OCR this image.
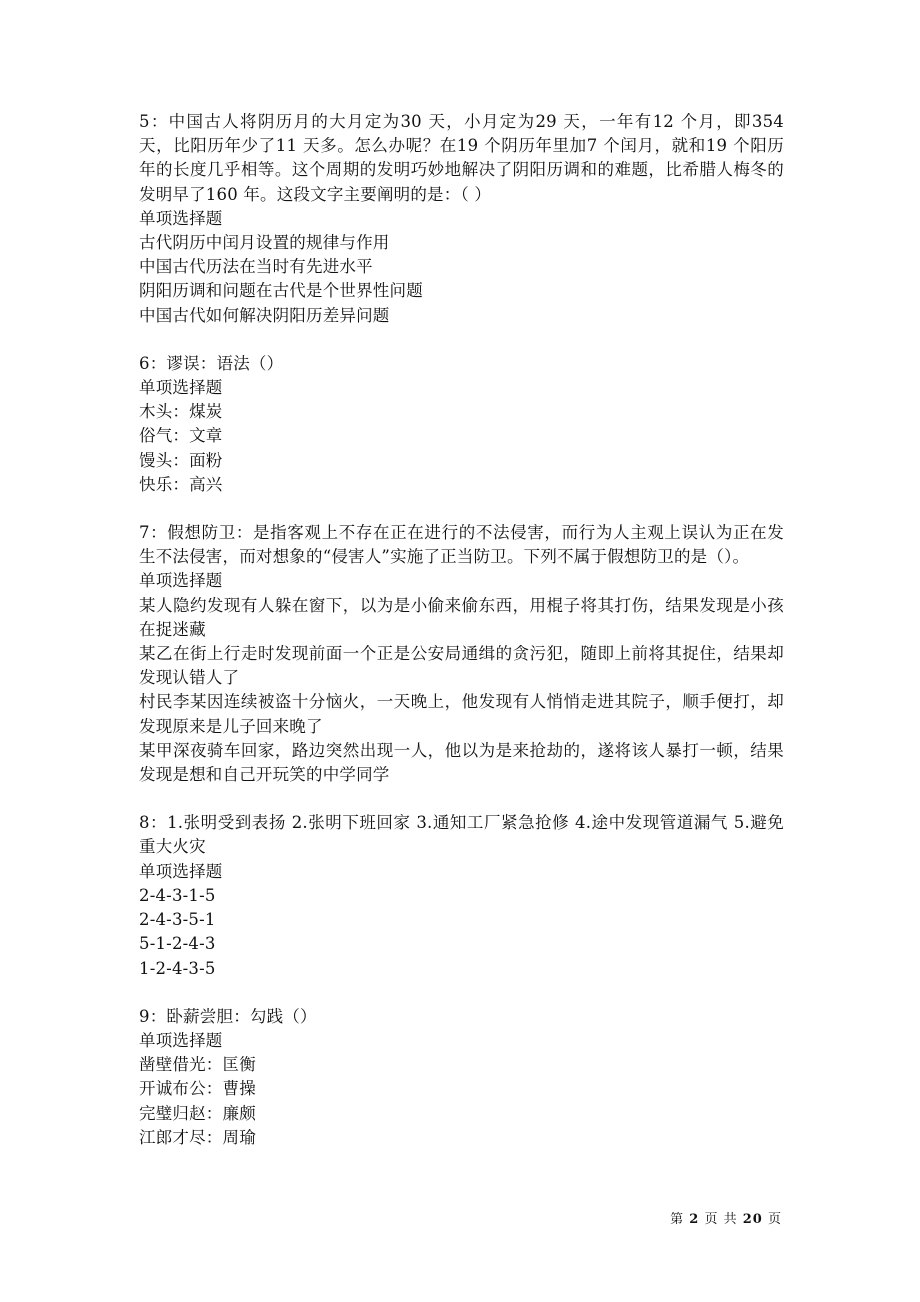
5：中国古人将阴历月的大月定为30 天，小月定为29 天，一年有12 个月，即354 天，比阳历年少了11 天多。怎么办呢？在19 个阴历年里加7 个闰月，就和19 个阳历年的长度几乎相等。这个周期的发明巧妙地解决了阴阳历调和的难题，比希腊人梅冬的发明早了160 年。这段文字主要阐明的是：（ ）
单项选择题
古代阴历中闰月设置的规律与作用
中国古代历法在当时有先进水平
阴阳历调和问题在古代是个世界性问题
中国古代如何解决阴阳历差异问题
6：谬误：语法（）
单项选择题
木头：煤炭
俗气：文章
馒头：面粉
快乐：高兴
7：假想防卫：是指客观上不存在正在进行的不法侵害，而行为人主观上误认为正在发生不法侵害，而对想象的“侵害人”实施了正当防卫。下列不属于假想防卫的是（）。
单项选择题
某人隐约发现有人躲在窗下，以为是小偷来偷东西，用棍子将其打伤，结果发现是小孩在捉迷藏
某乙在街上行走时发现前面一个正是公安局通缉的贪污犯，随即上前将其捉住，结果却发现认错人了
村民李某因连续被盗十分恼火，一天晚上，他发现有人悄悄走进其院子，顺手便打，却发现原来是儿子回来晚了
某甲深夜骑车回家，路边突然出现一人，他以为是来抢劫的，遂将该人暴打一顿，结果发现是想和自己开玩笑的中学同学
8：1.张明受到表扬 2.张明下班回家 3.通知工厂紧急抢修 4.途中发现管道漏气 5.避免重大火灾
单项选择题
2-4-3-1-5
2-4-3-5-1
5-1-2-4-3
1-2-4-3-5
9：卧薪尝胆：勾践（）
单项选择题
凿壁借光：匡衡
开诚布公：曹操
完璧归赵：廉颇
江郎才尽：周瑜
第 2 页 共 20 页
